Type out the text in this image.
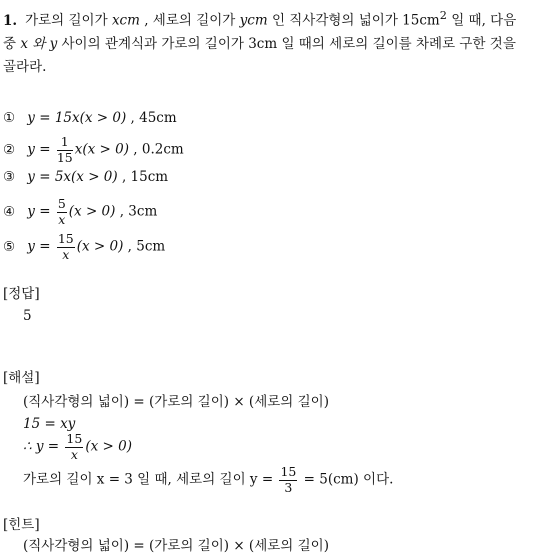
1. 가로의 길이가 xcm , 세로의 길이가 ycm 인 직사각형의 넓이가 $15cm^2$ 일 때, 다음 중 x 와 y 사이의 관계식과 가로의 길이가 3cm 일 때의 세로의 길이를 차례로 구한 것을 골라라.
① y = 15x(x > 0) , 45cm
② $y = \frac{1}{15} x(x > 0)$ , 0.2cm
③ y = 5x(x > 0) , 15cm
④ $y = \frac{5}{x} (x > 0)$ , 3cm
⑤ $y = \frac{15}{x} (x > 0)$ , 5cm
[정답]
5
[해설]
(직사각형의 넓이) = (가로의 길이) × (세로의 길이)
15 = xy
∴ $y = \frac{15}{x} (x > 0)$
가로의 길이 x = 3 일 때, 세로의 길이 $y = \frac{15}{3} = 5(cm)$ 이다.
[힌트]
(직사각형의 넓이) = (가로의 길이) × (세로의 길이)
